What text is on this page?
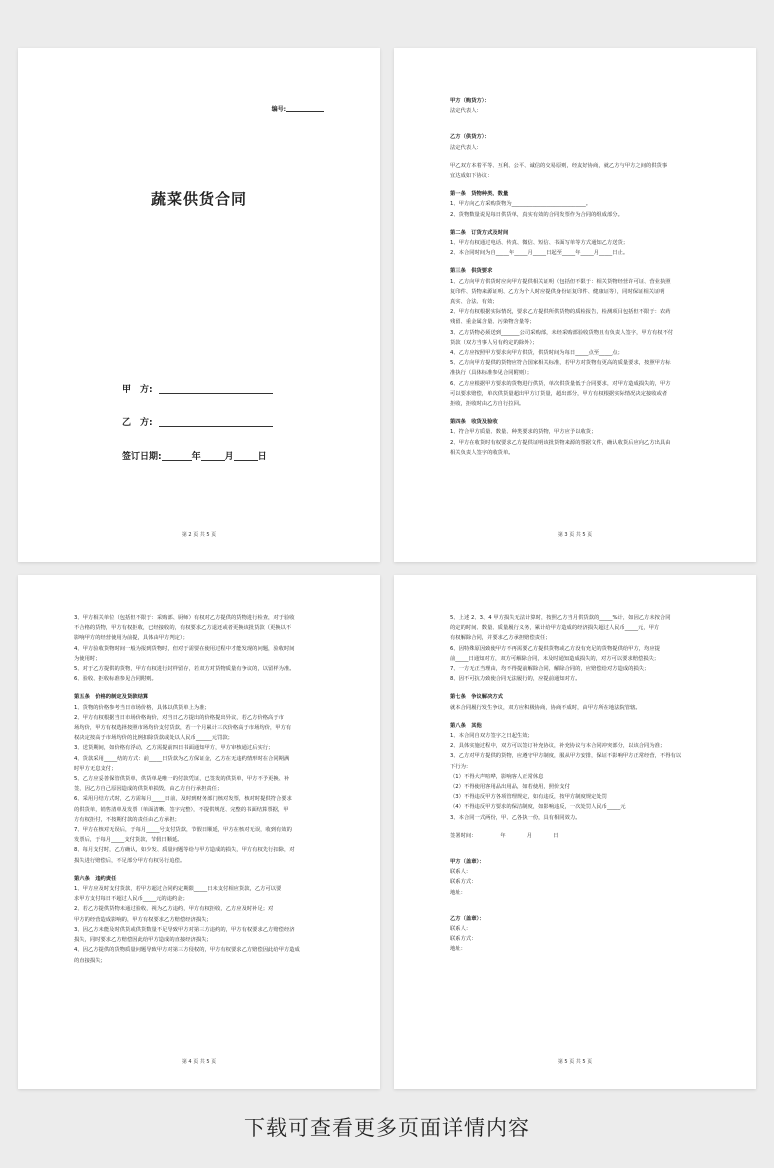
编号:
蔬菜供货合同
甲　方:
乙　方:
签订日期:	年	月	日
第 2 页 共 5 页

甲方（购货方）：

法定代表人：

乙方（供货方）：

法定代表人：

甲乙双方本着平等、互利、公平、诚信的交易原则，经友好协商，就乙方与甲方之间的供货事

宜达成如下协议：

第一条　货物种类、数量

1、甲方向乙方采购货物为____________________________。

2、货物数量说见每日供货单，真实有效的合同发票作为合同的组成部分。

第二条　订货方式及时间

1、甲方有权通过电话、传真、微信、短信、书面写单等方式通知乙方送货；

2、本合同时间为自_____年_____月_____日起至_____年_____月_____日止。

第三条　供货要求

1、乙方向甲方供货时应向甲方提供相关证明（包括但不限于：相关货物经营许可证、营业执照

复印件、货物来源证明、乙方为个人时应提供身份证复印件、健康证等），同时保证相关证明

真实、合法、有效；

2、甲方有权根据实际情况，要求乙方提供所供货物的质检报告，检测项目包括但不限于：农药

残留、重金属含量、污染物含量等；

3、乙方货物必须送到_______公司采购部，未经采购部验收货物且有负责人签字，甲方有权不付

货款（双方当事人另有约定的除外）；

4、乙方应按照甲方要求向甲方供货，供货时间为每日_____点至_____点；

5、乙方向甲方提供的货物应符合国家相关标准，若甲方对货物有更高的质量要求，按照甲方标

准执行（具体标准参见合同附则）；

6、乙方应根据甲方要求的货物进行供货，单次供货量低于合同要求，对甲方造成损失的，甲方

可以要求赔偿，单次供货量超出甲方订货量，超出部分，甲方有权根据实际情况决定接收或者

拒收，拒收时由乙方自行拉回。

第四条　收货及验收

1、符合甲方质量、数量、种类要求的货物，甲方应予以收货；

2、甲方在收货时有权要求乙方提供证明该批货物来源的票据文件，确认收货后应向乙方出具由

相关负责人签字的收货单。

第 3 页 共 5 页

3、甲方相关单位（包括但不限于：采购部、厨师）有权对乙方提供的货物进行检查，对于验收

不合格的货物，甲方有权拒收，已经接收的，有权要求乙方退还或者更换该批货款（更换以不

影响甲方的经营使用为前提，具体由甲方判定）；

4、甲方验收货物时间一般为报到货物时，但对于需要在使用过程中才能发现的问题，验收时间

为使用时；

5、对于乙方提供的货物，甲方有权进行封样留存，若双方对货物质量有争议的，以留样为准。

6、验收、拒收标准参见合同附则。

第五条　价格的制定及货款结算

1、货物的价格参考当日市场价格，具体以供货单上为准；

2、甲方有权根据当日市场价格询价，对当日乙方提出的价格提出异议，若乙方价格高于市

场均价，甲方有权选择按照市场均价支付货款，若一个月累计三次价格高于市场均价，甲方有

权决定按高于市场均价的比例扣除货款或处以人民币______元罚款；

3、送货期间，如价格有浮动，乙方需提前四日书面通知甲方，甲方审核通过后实行；

4、货款采用_____结的方式：前_____日货款为乙方保证金，乙方在无违约情形时在合同期满

时甲方无息支付；

5、乙方应妥善保管供货单，供货单是唯一的付款凭证，已签发的供货单，甲方不予更换、补

签，因乙方自己原因造成的供货单损毁，由乙方自行承担责任；

6、采用月结方式时，乙方需每月_____日前，及时到财务部门核对发票，核对时提供符合要求

的供货单，销售清单及发票（单面清晰、签字完整），不提供规范、完整的书面结算票据，甲

方有权拒付，不按期付款的责任由乙方承担；

7、甲方在核对无误后，于每月_____号支付货款，节假日顺延，甲方在核对无误，收到有效的

发票后，于每月_____支付货款，节假日顺延。

8、每月支付时，乙方确认，如少发、质量问题等给与甲方造成的损失，甲方有权先行扣除，对

损失进行赔偿后，不足部分甲方有权另行追偿。

第六条　违约责任

1、甲方应及时支付货款，若甲方超过合同约定期限_____日未支付相应货款，乙方可以要

求甲方支付每日不超过人民币_____元的违约金；

2、若乙方提供货物未通过验收，视为乙方违约，甲方有权拒收，乙方应及时补足；对

甲方的经营造成影响的，甲方有权要求乙方赔偿经济损失；

3、因乙方未能及时供货或供货数量不足导致甲方对第三方违约的，甲方有权要求乙方赔偿经济

损失，同时要求乙方赔偿因此给甲方造成的直接经济损失；

4、因乙方提供的货物质量问题导致甲方对第三方侵权的，甲方有权要求乙方赔偿因此给甲方造成

的直接损失；

第 4 页 共 5 页

5、上述 2、3、4 甲方损失无法计算时，按照乙方当月供货款的_____%计，如因乙方未按合同

的定的时间、数量、质量履行义务，累计给甲方造成的经济损失超过人民币_____元，甲方

有权解除合同，并要求乙方承担赔偿责任；

6、因特殊原因致使甲方不再需要乙方提供货物或乙方没有充足的货物提供给甲方，均应提

前_____日通知对方，双方可解除合同，未及时通知造成损失的，对方可以要求赔偿损失；

7、一方无正当理由，均不得提前解除合同，解除合同的，应赔偿给对方造成的损失；

8、因不可抗力致使合同无法履行的，应提前通知对方。

第七条　争议解决方式

就本合同履行发生争议，双方应积极协商，协商不成时，由甲方所在地法院管辖。

第八条　其他

1、本合同自双方签字之日起生效；

2、具体实施过程中，双方可以签订补充协议，补充协议与本合同冲突部分，以该合同为准；

3、乙方对甲方提供的货物，应遵守甲方制度，服从甲方安排，保证不影响甲方正常经营，不得有以

下行为：

（1）不得大声喧哗，影响客人正常休息

（2）不得使用客用品出用品，如若使用，照价支付

（3）不得违反甲方各项管理规定，如有违反，按甲方制度规定处罚

（4）不得违反甲方要求的保洁制度，如影响违反，一次处罚人民币_____元

3、本合同一式两份，甲、乙各执一份，具有相同效力。

签署时间：　　　　　年　　　　月　　　　日

甲方（盖章）：

联系人：

联系方式：

地址：

乙方（盖章）：

联系人：

联系方式：

地址：

第 5 页 共 5 页
下载可查看更多页面详情内容
